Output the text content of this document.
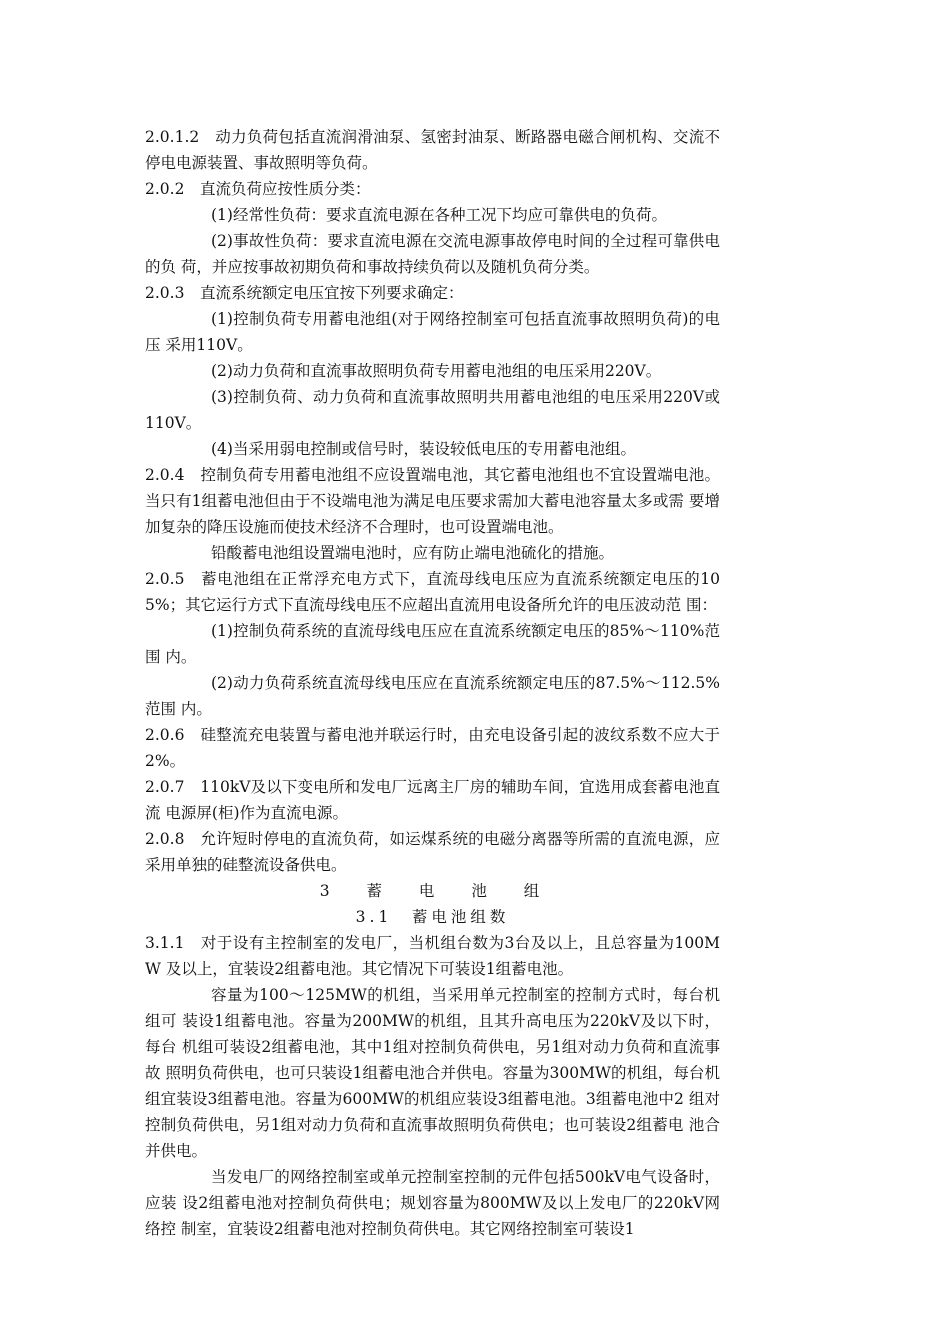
2.0.1.2　动力负荷包括直流润滑油泵、氢密封油泵、断路器电磁合闸机构、交流不 停电电源装置、事故照明等负荷。

2.0.2　直流负荷应按性质分类：

(1)经常性负荷：要求直流电源在各种工况下均应可靠供电的负荷。

(2)事故性负荷：要求直流电源在交流电源事故停电时间的全过程可靠供电的负 荷，并应按事故初期负荷和事故持续负荷以及随机负荷分类。

2.0.3　直流系统额定电压宜按下列要求确定：

(1)控制负荷专用蓄电池组(对于网络控制室可包括直流事故照明负荷)的电压 采用110V。

(2)动力负荷和直流事故照明负荷专用蓄电池组的电压采用220V。

(3)控制负荷、动力负荷和直流事故照明共用蓄电池组的电压采用220V或 110V。

(4)当采用弱电控制或信号时，装设较低电压的专用蓄电池组。

2.0.4　控制负荷专用蓄电池组不应设置端电池，其它蓄电池组也不宜设置端电池。 当只有1组蓄电池但由于不设端电池为满足电压要求需加大蓄电池容量太多或需 要增加复杂的降压设施而使技术经济不合理时，也可设置端电池。

铅酸蓄电池组设置端电池时，应有防止端电池硫化的措施。

2.0.5　蓄电池组在正常浮充电方式下，直流母线电压应为直流系统额定电压的105%；其它运行方式下直流母线电压不应超出直流用电设备所允许的电压波动范 围：

(1)控制负荷系统的直流母线电压应在直流系统额定电压的85%～110%范围 内。

(2)动力负荷系统直流母线电压应在直流系统额定电压的87.5%～112.5%范围 内。

2.0.6　硅整流充电装置与蓄电池并联运行时，由充电设备引起的波纹系数不应大于 2%。

2.0.7　110kV及以下变电所和发电厂远离主厂房的辅助车间，宜选用成套蓄电池直流 电源屏(柜)作为直流电源。

2.0.8　允许短时停电的直流负荷，如运煤系统的电磁分离器等所需的直流电源，应 采用单独的硅整流设备供电。

3 蓄 电 池 组

3.1　蓄电池组数

3.1.1　对于设有主控制室的发电厂，当机组台数为3台及以上，且总容量为100MW 及以上，宜装设2组蓄电池。其它情况下可装设1组蓄电池。

容量为100～125MW的机组，当采用单元控制室的控制方式时，每台机组可 装设1组蓄电池。容量为200MW的机组，且其升高电压为220kV及以下时，每台 机组可装设2组蓄电池，其中1组对控制负荷供电，另1组对动力负荷和直流事故 照明负荷供电，也可只装设1组蓄电池合并供电。容量为300MW的机组，每台机 组宜装设3组蓄电池。容量为600MW的机组应装设3组蓄电池。3组蓄电池中2 组对控制负荷供电，另1组对动力负荷和直流事故照明负荷供电；也可装设2组蓄电 池合并供电。

当发电厂的网络控制室或单元控制室控制的元件包括500kV电气设备时，应装 设2组蓄电池对控制负荷供电；规划容量为800MW及以上发电厂的220kV网络控 制室，宜装设2组蓄电池对控制负荷供电。其它网络控制室可装设1
